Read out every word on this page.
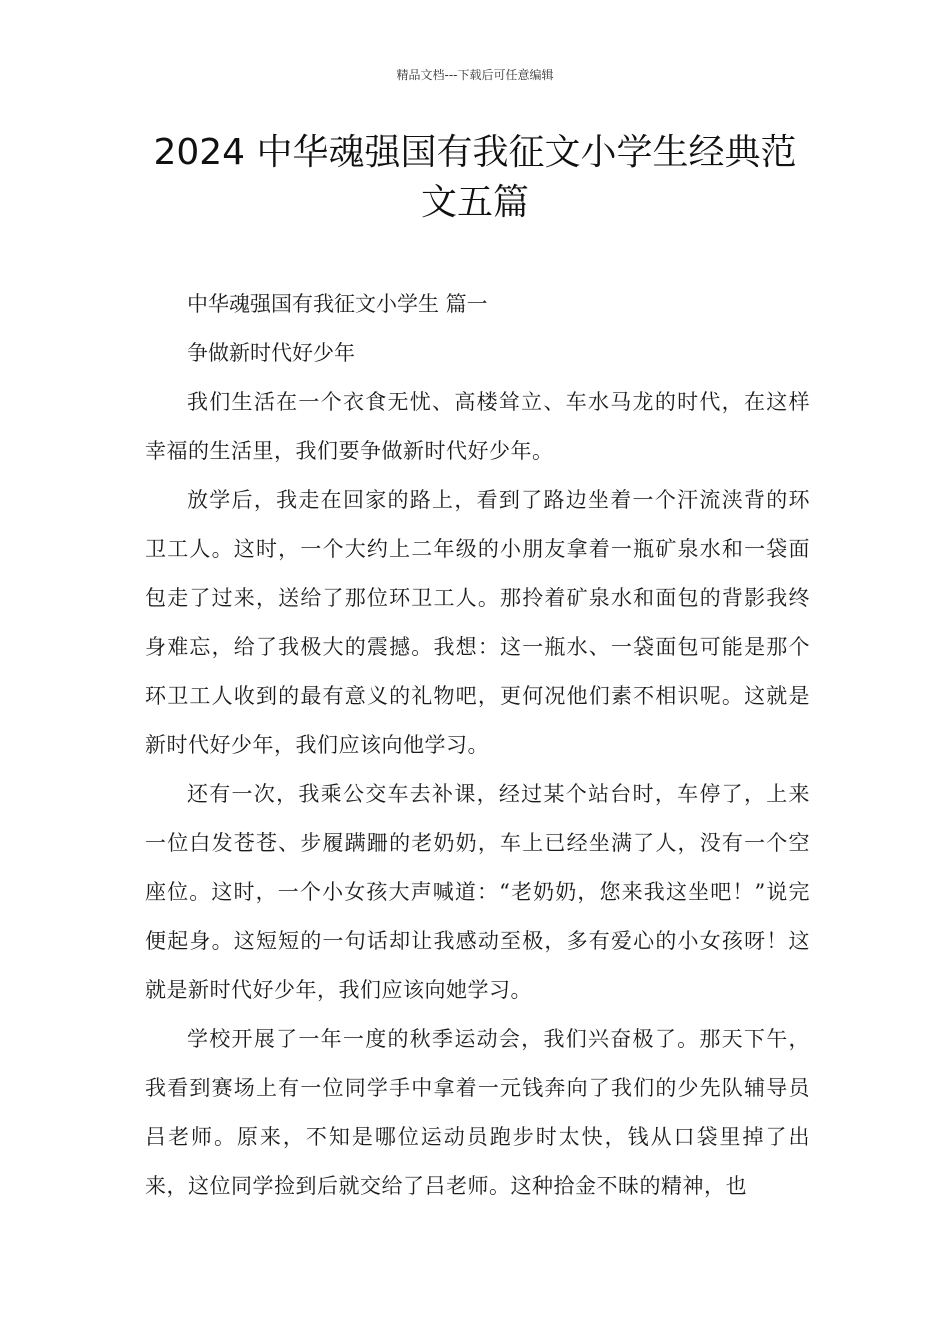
精品文档---下载后可任意编辑
2024 中华魂强国有我征文小学生经典范文五篇

中华魂强国有我征文小学生 篇一

争做新时代好少年

我们生活在一个衣食无忧、高楼耸立、车水马龙的时代，在这样幸福的生活里，我们要争做新时代好少年。

放学后，我走在回家的路上，看到了路边坐着一个汗流浃背的环卫工人。这时，一个大约上二年级的小朋友拿着一瓶矿泉水和一袋面包走了过来，送给了那位环卫工人。那拎着矿泉水和面包的背影我终身难忘，给了我极大的震撼。我想：这一瓶水、一袋面包可能是那个环卫工人收到的最有意义的礼物吧，更何况他们素不相识呢。这就是新时代好少年，我们应该向他学习。

还有一次，我乘公交车去补课，经过某个站台时，车停了，上来一位白发苍苍、步履蹒跚的老奶奶，车上已经坐满了人，没有一个空座位。这时，一个小女孩大声喊道：“老奶奶，您来我这坐吧！”说完便起身。这短短的一句话却让我感动至极，多有爱心的小女孩呀！这就是新时代好少年，我们应该向她学习。

学校开展了一年一度的秋季运动会，我们兴奋极了。那天下午，我看到赛场上有一位同学手中拿着一元钱奔向了我们的少先队辅导员吕老师。原来，不知是哪位运动员跑步时太快，钱从口袋里掉了出来，这位同学捡到后就交给了吕老师。这种拾金不昧的精神，也
